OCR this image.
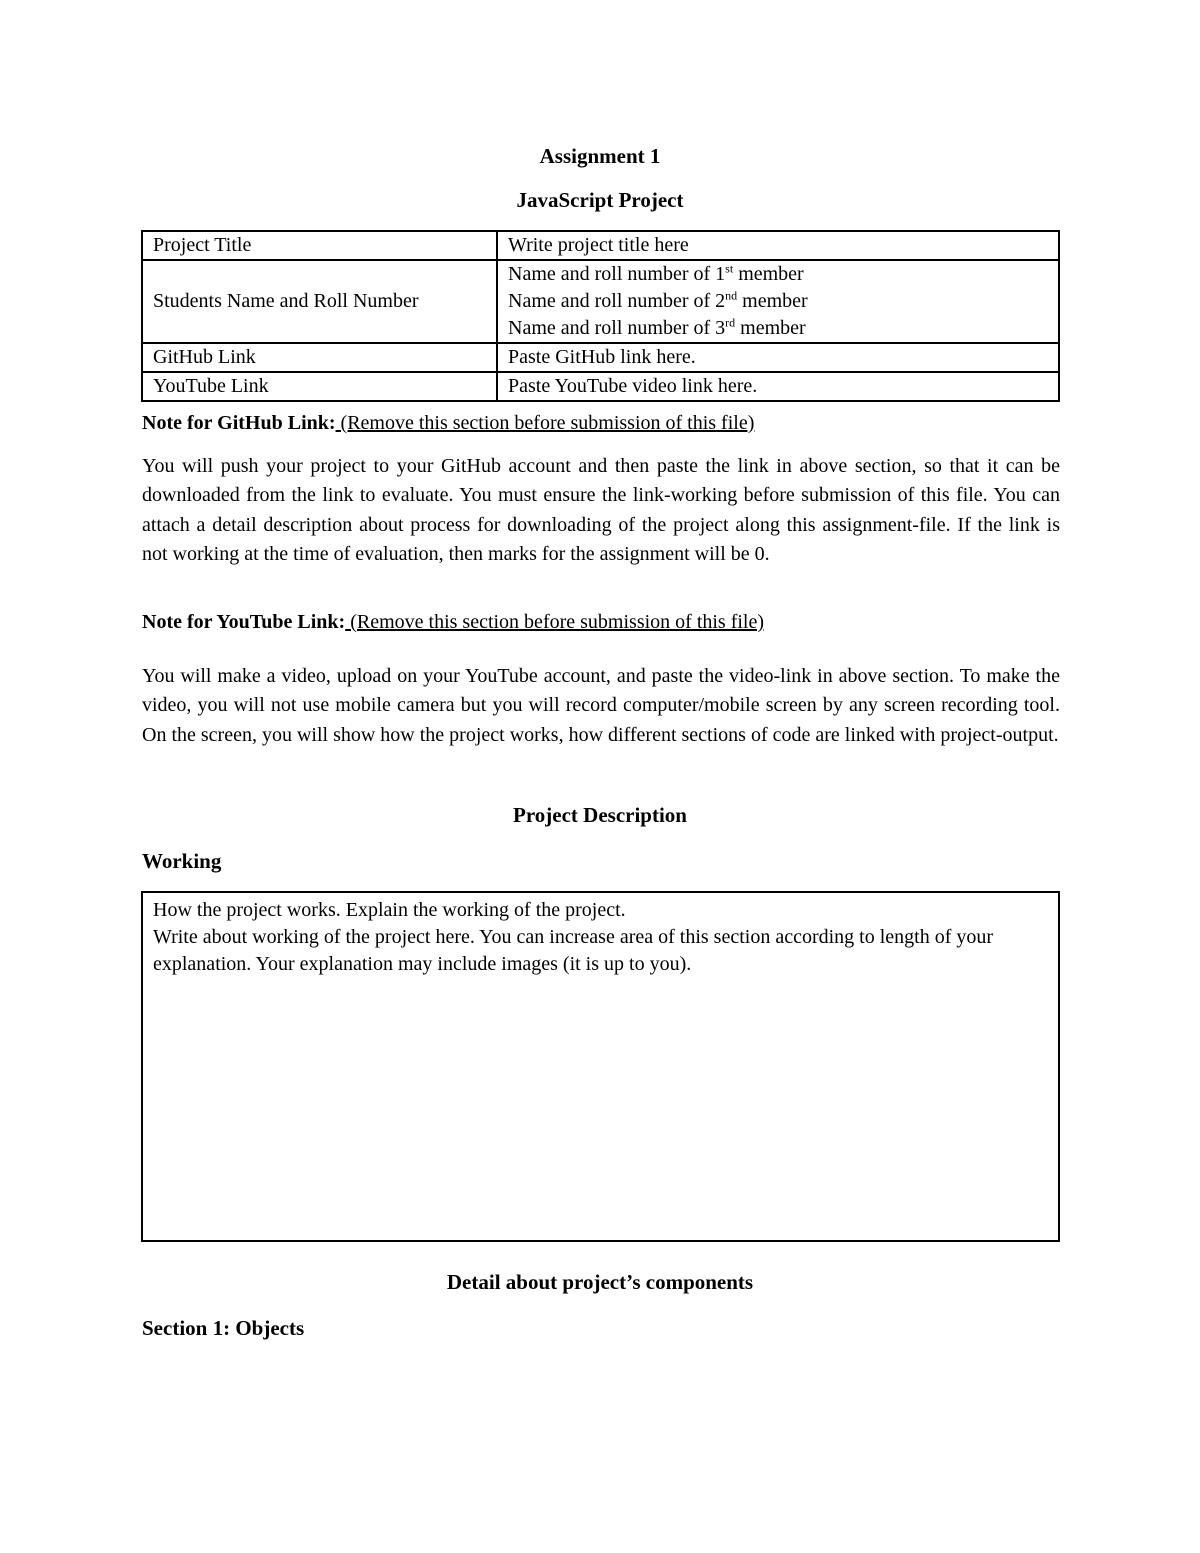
Assignment 1
JavaScript Project
Project Title	Write project title here
Students Name and Roll Number	Name and roll number of 1st member
Name and roll number of 2nd member
Name and roll number of 3rd member

GitHub Link	Paste GitHub link here.
YouTube Link	Paste YouTube video link here.
Note for GitHub Link: (Remove this section before submission of this file)
You will push your project to your GitHub account and then paste the link in above section, so that it can be downloaded from the link to evaluate. You must ensure the link-working before submission of this file. You can attach a detail description about process for downloading of the project along this assignment-file. If the link is not working at the time of evaluation, then marks for the assignment will be 0.
Note for YouTube Link: (Remove this section before submission of this file)
You will make a video, upload on your YouTube account, and paste the video-link in above section. To make the video, you will not use mobile camera but you will record computer/mobile screen by any screen recording tool. On the screen, you will show how the project works, how different sections of code are linked with project-output.
Project Description
Working
How the project works. Explain the working of the project.
Write about working of the project here. You can increase area of this section according to length of your explanation. Your explanation may include images (it is up to you).
Detail about project’s components
Section 1: Objects
